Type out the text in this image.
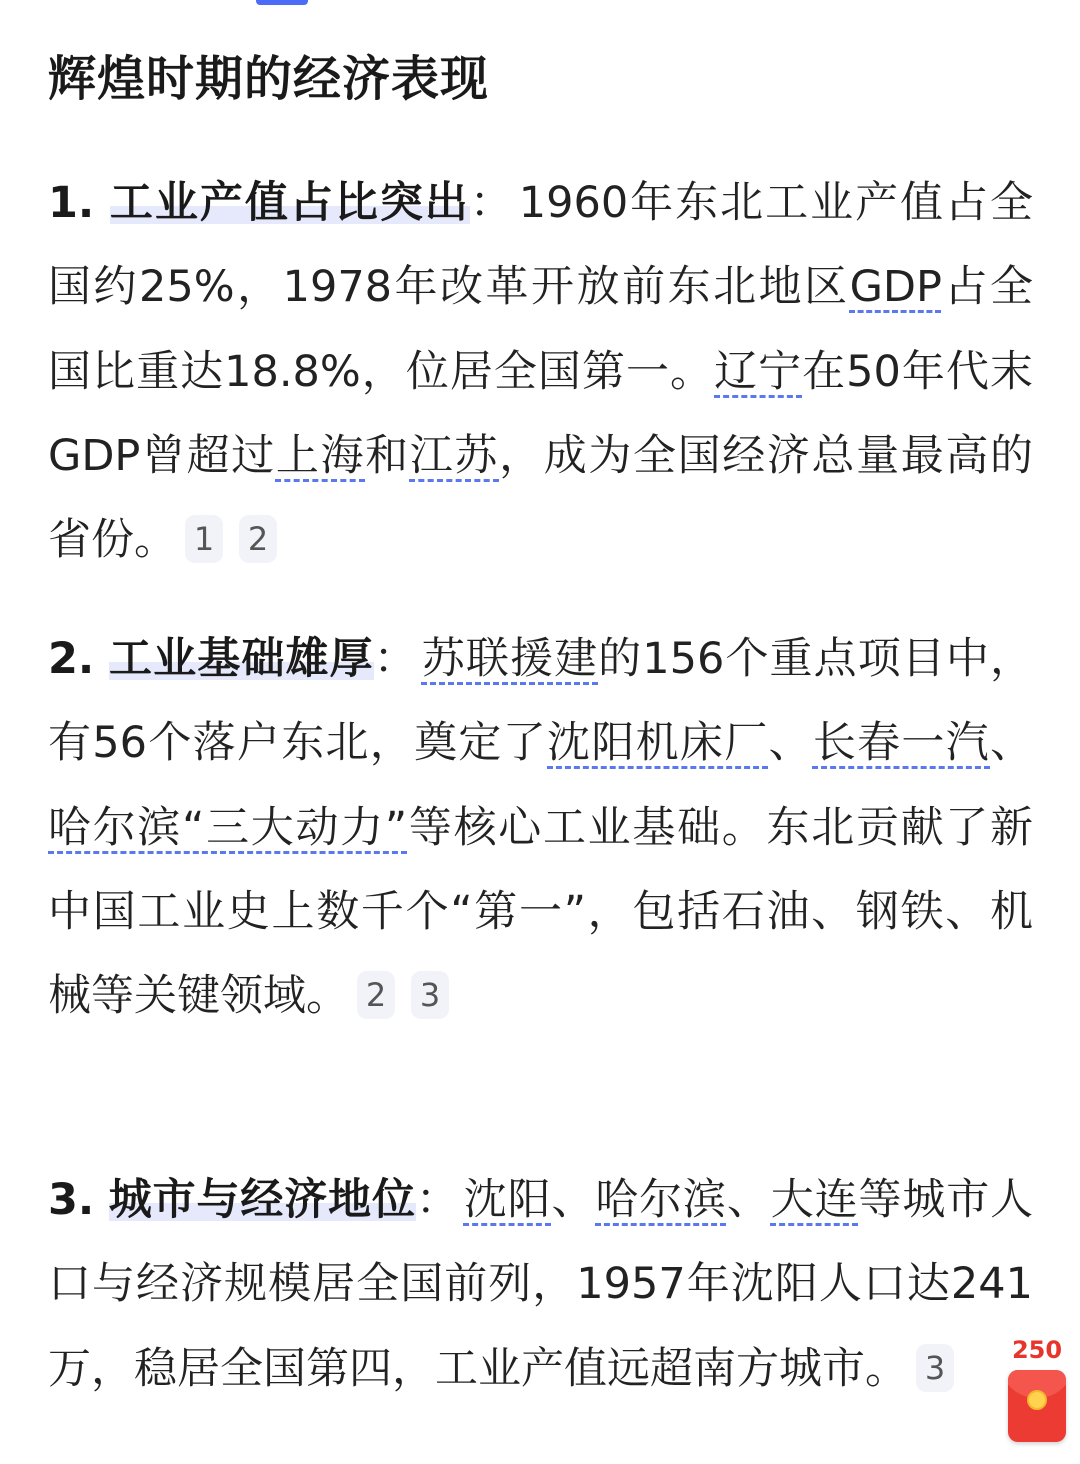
辉煌时期的经济表现

1. 工业产值占比突出：1960年东北工业产值占全国约25%，1978年改革开放前东北地区GDP占全国比重达18.8%，位居全国第一。辽宁在50年代末GDP曾超过上海和江苏，成为全国经济总量最高的省份。 1 2

2. 工业基础雄厚：苏联援建的156个重点项目中，有56个落户东北，奠定了沈阳机床厂、长春一汽、哈尔滨“三大动力”等核心工业基础。东北贡献了新中国工业史上数千个“第一”，包括石油、钢铁、机械等关键领域。 2 3

3. 城市与经济地位：沈阳、哈尔滨、大连等城市人口与经济规模居全国前列，1957年沈阳人口达241万，稳居全国第四，工业产值远超南方城市。 3	250
